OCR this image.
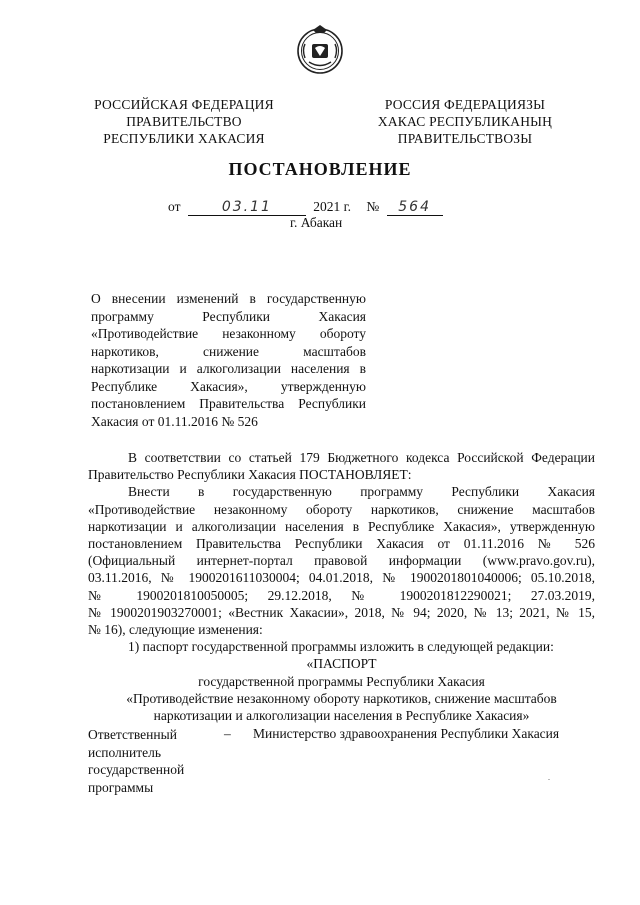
РОССИЙСКАЯ ФЕДЕРАЦИЯ
ПРАВИТЕЛЬСТВО
РЕСПУБЛИКИ ХАКАСИЯ
РОССИЯ ФЕДЕРАЦИЯЗЫ
ХАКАС РЕСПУБЛИКАНЫҢ
ПРАВИТЕЛЬСТВОЗЫ
ПОСТАНОВЛЕНИЕ
от	03.11	2021 г. № 564
г. Абакан
О внесении изменений в государственную
программу Республики Хакасия
«Противодействие незаконному обороту
наркотиков, снижение масштабов
наркотизации и алкоголизации населения в
Республике Хакасия», утвержденную
постановлением Правительства Республики
Хакасия от 01.11.2016 № 526
В соответствии со статьей 179 Бюджетного кодекса Российской Федерации
Правительство Республики Хакасия ПОСТАНОВЛЯЕТ:
Внести в государственную программу Республики Хакасия
«Противодействие незаконному обороту наркотиков, снижение масштабов
наркотизации и алкоголизации населения в Республике Хакасия», утвержденную
постановлением Правительства Республики Хакасия от 01.11.2016 № 526
(Официальный интернет-портал правовой информации (www.pravo.gov.ru),
03.11.2016, № 1900201611030004; 04.01.2018, № 1900201801040006; 05.10.2018,
№ 1900201810050005; 29.12.2018, № 1900201812290021; 27.03.2019,
№ 1900201903270001; «Вестник Хакасии», 2018, № 94; 2020, № 13; 2021, № 15,
№ 16), следующие изменения:
1) паспорт государственной программы изложить в следующей редакции:
«ПАСПОРТ
государственной программы Республики Хакасия
«Противодействие незаконному обороту наркотиков, снижение масштабов
наркотизации и алкоголизации населения в Республике Хакасия»
Ответственный
исполнитель
государственной
программы
– Министерство здравоохранения Республики Хакасия
